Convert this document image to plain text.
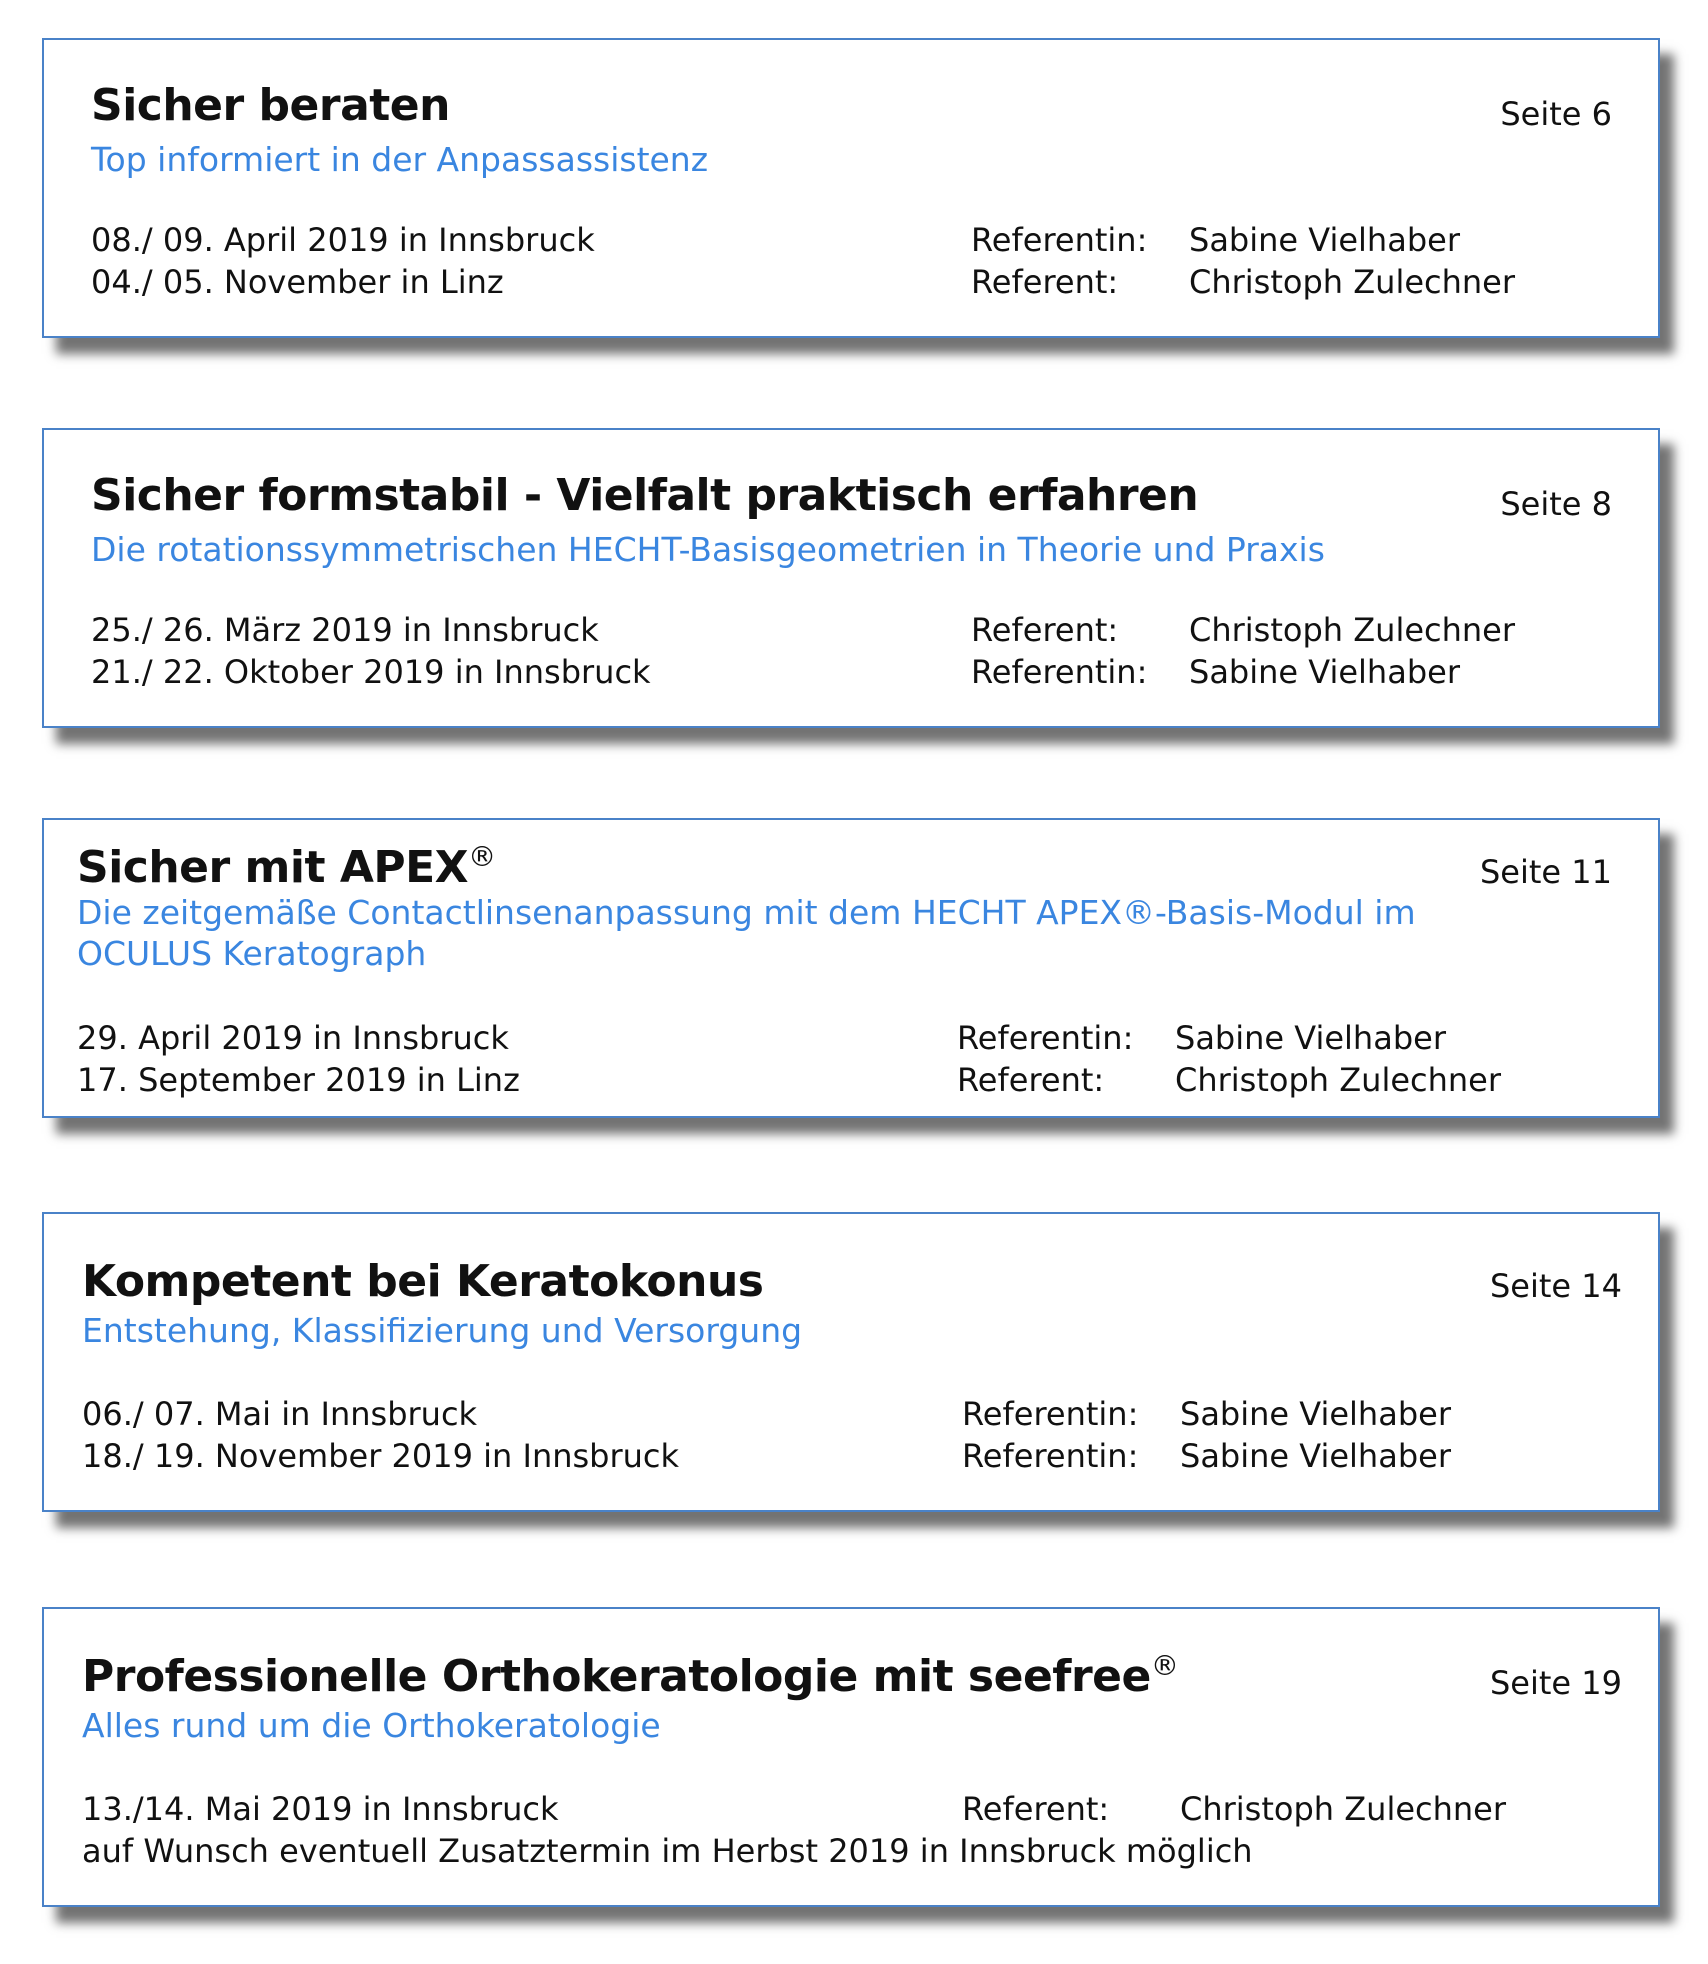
Sicher beraten	Seite 6
Top informiert in der Anpassassistenz
08./ 09. April 2019 in Innsbruck	Referentin: Sabine Vielhaber
04./ 05. November in Linz	Referent: Christoph Zulechner
Sicher formstabil - Vielfalt praktisch erfahren	Seite 8
Die rotationssymmetrischen HECHT-Basisgeometrien in Theorie und Praxis
25./ 26. März 2019 in Innsbruck	Referent: Christoph Zulechner
21./ 22. Oktober 2019 in Innsbruck	Referentin: Sabine Vielhaber
Sicher mit APEX®	Seite 11
Die zeitgemäße Contactlinsenanpassung mit dem HECHT APEX®-Basis-Modul im
OCULUS Keratograph
29. April 2019 in Innsbruck	Referentin: Sabine Vielhaber
17. September 2019 in Linz	Referent: Christoph Zulechner
Kompetent bei Keratokonus	Seite 14
Entstehung, Klassifizierung und Versorgung
06./ 07. Mai in Innsbruck	Referentin: Sabine Vielhaber
18./ 19. November 2019 in Innsbruck	Referentin: Sabine Vielhaber
Professionelle Orthokeratologie mit seefree®	Seite 19
Alles rund um die Orthokeratologie
13./14. Mai 2019 in Innsbruck	Referent: Christoph Zulechner
auf Wunsch eventuell Zusatztermin im Herbst 2019 in Innsbruck möglich
